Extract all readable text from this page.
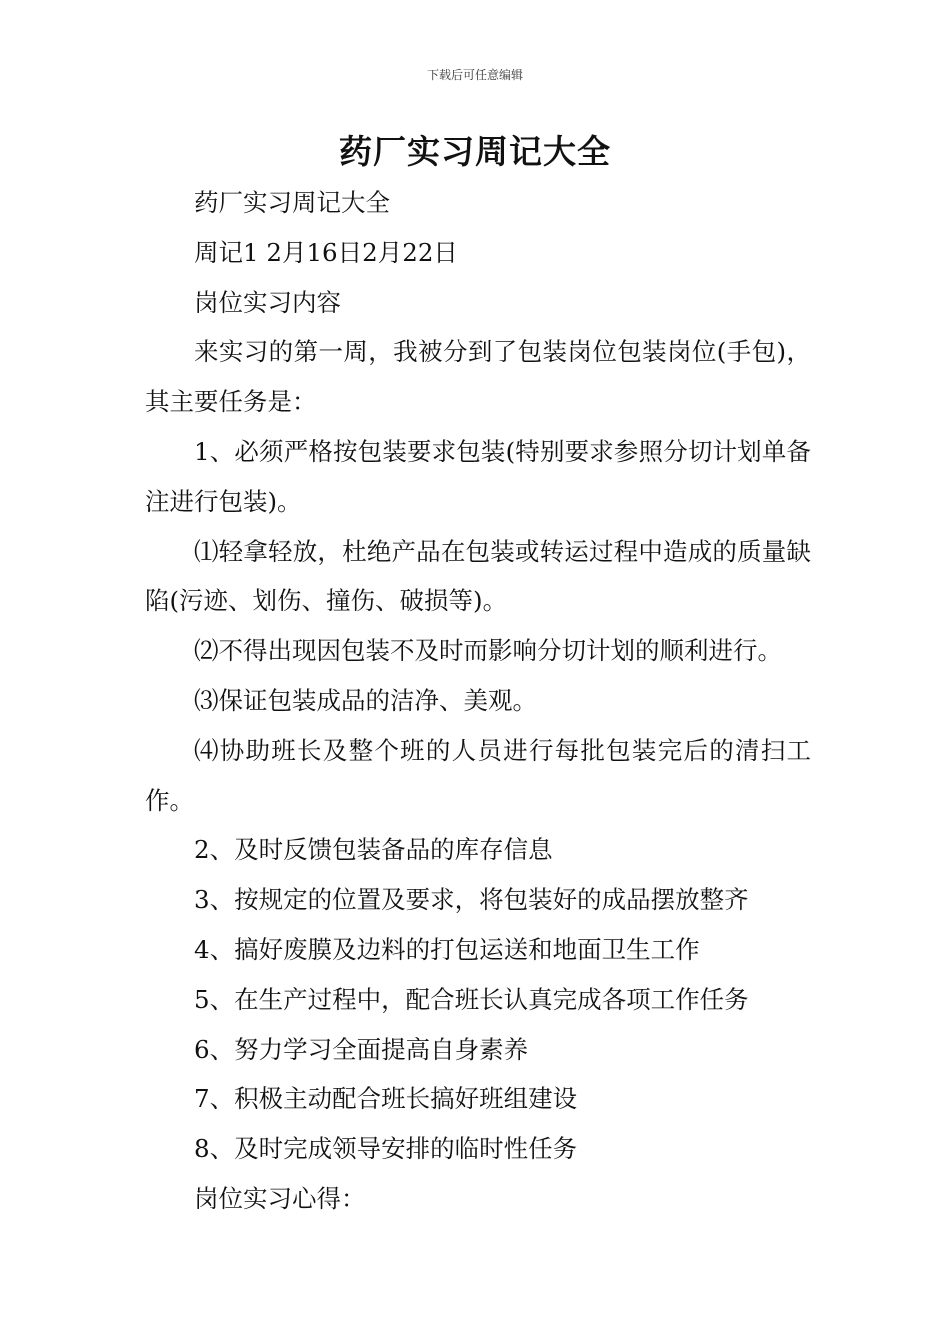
下载后可任意编辑
药厂实习周记大全

药厂实习周记大全

周记1 2月16日2月22日

岗位实习内容

来实习的第一周，我被分到了包装岗位包装岗位(手包)，其主要任务是：

1、必须严格按包装要求包装(特别要求参照分切计划单备注进行包装)。

⑴轻拿轻放，杜绝产品在包装或转运过程中造成的质量缺陷(污迹、划伤、撞伤、破损等)。

⑵不得出现因包装不及时而影响分切计划的顺利进行。

⑶保证包装成品的洁净、美观。

⑷协助班长及整个班的人员进行每批包装完后的清扫工作。

2、及时反馈包装备品的库存信息

3、按规定的位置及要求，将包装好的成品摆放整齐

4、搞好废膜及边料的打包运送和地面卫生工作

5、在生产过程中，配合班长认真完成各项工作任务

6、努力学习全面提高自身素养

7、积极主动配合班长搞好班组建设

8、及时完成领导安排的临时性任务

岗位实习心得：
